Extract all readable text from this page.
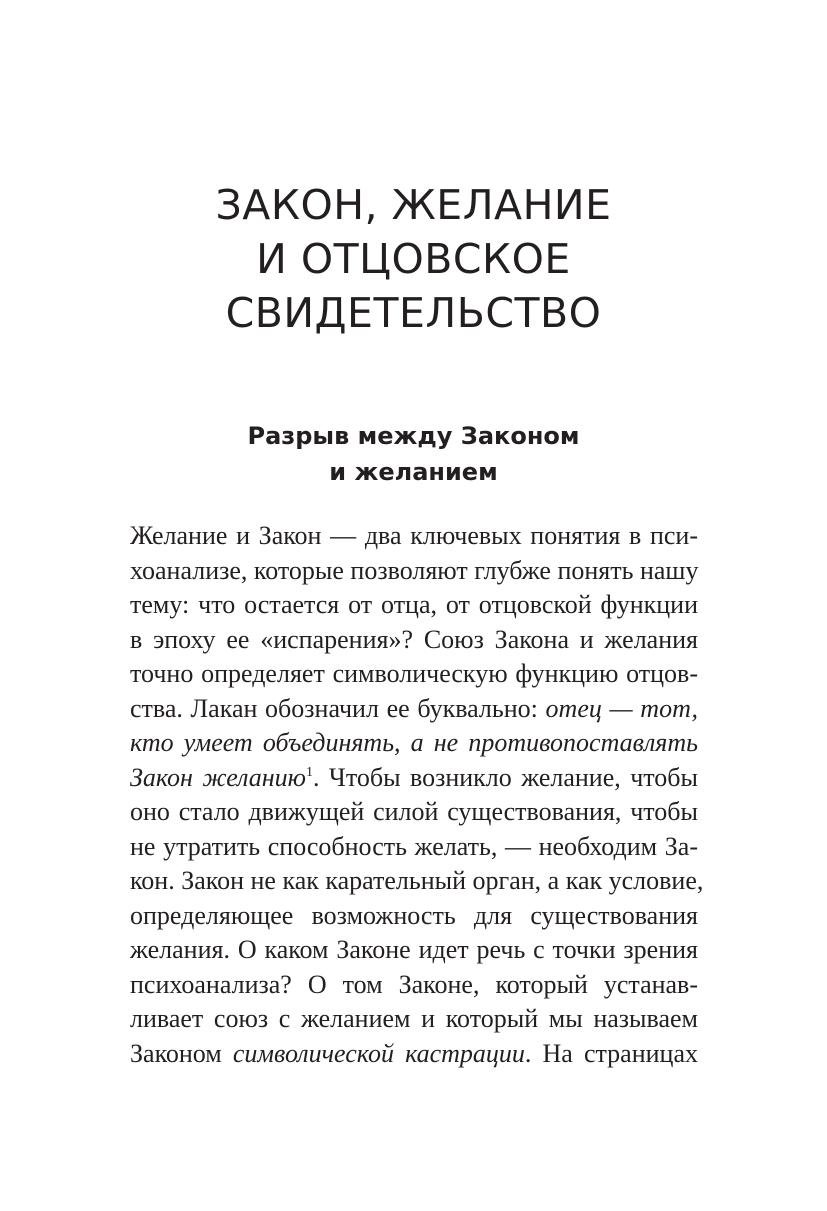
ЗАКОН, ЖЕЛАНИЕ
И ОТЦОВСКОЕ
СВИДЕТЕЛЬСТВО
Разрыв между Законом
и желанием
Желание и Закон — два ключевых понятия в пси-
хоанализе, которые позволяют глубже понять нашу
тему: что остается от отца, от отцовской функции
в эпоху ее «испарения»? Союз Закона и желания
точно определяет символическую функцию отцов-
ства. Лакан обозначил ее буквально: отец — тот,
кто умеет объединять, а не противопоставлять
Закон желанию$^1$. Чтобы возникло желание, чтобы
оно стало движущей силой существования, чтобы
не утратить способность желать, — необходим За-
кон. Закон не как карательный орган, а как условие,
определяющее возможность для существования
желания. О каком Законе идет речь с точки зрения
психоанализа? О том Законе, который устанав-
ливает союз с желанием и который мы называем
Законом символической кастрации. На страницах
